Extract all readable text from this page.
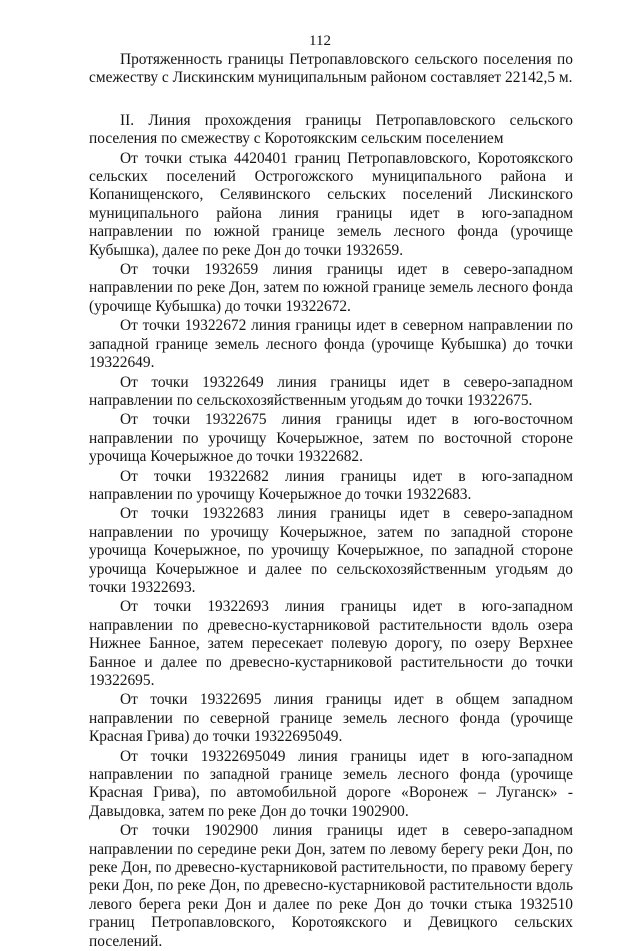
112

Протяженность границы Петропавловского сельского поселения по смежеству с Лискинским муниципальным районом составляет 22142,5 м.

II. Линия прохождения границы Петропавловского сельского поселения по смежеству с Коротоякским сельским поселением

От точки стыка 4420401 границ Петропавловского, Коротоякского сельских поселений Острогожского муниципального района и Копанищенского, Селявинского сельских поселений Лискинского муниципального района линия границы идет в юго-западном направлении по южной границе земель лесного фонда (урочище Кубышка), далее по реке Дон до точки 1932659.

От точки 1932659 линия границы идет в северо-западном направлении по реке Дон, затем по южной границе земель лесного фонда (урочище Кубышка) до точки 19322672.

От точки 19322672 линия границы идет в северном направлении по западной границе земель лесного фонда (урочище Кубышка) до точки 19322649.

От точки 19322649 линия границы идет в северо-западном направлении по сельскохозяйственным угодьям до точки 19322675.

От точки 19322675 линия границы идет в юго-восточном направлении по урочищу Кочерыжное, затем по восточной стороне урочища Кочерыжное до точки 19322682.

От точки 19322682 линия границы идет в юго-западном направлении по урочищу Кочерыжное до точки 19322683.

От точки 19322683 линия границы идет в северо-западном направлении по урочищу Кочерыжное, затем по западной стороне урочища Кочерыжное, по урочищу Кочерыжное, по западной стороне урочища Кочерыжное и далее по сельскохозяйственным угодьям до точки 19322693.

От точки 19322693 линия границы идет в юго-западном направлении по древесно-кустарниковой растительности вдоль озера Нижнее Банное, затем пересекает полевую дорогу, по озеру Верхнее Банное и далее по древесно-кустарниковой растительности до точки 19322695.

От точки 19322695 линия границы идет в общем западном направлении по северной границе земель лесного фонда (урочище Красная Грива) до точки 19322695049.

От точки 19322695049 линия границы идет в юго-западном направлении по западной границе земель лесного фонда (урочище Красная Грива), по автомобильной дороге «Воронеж – Луганск» - Давыдовка, затем по реке Дон до точки 1902900.

От точки 1902900 линия границы идет в северо-западном направлении по середине реки Дон, затем по левому берегу реки Дон, по реке Дон, по древесно-кустарниковой растительности, по правому берегу реки Дон, по реке Дон, по древесно-кустарниковой растительности вдоль левого берега реки Дон и далее по реке Дон до точки стыка 1932510 границ Петропавловского, Коротоякского и Девицкого сельских поселений.
